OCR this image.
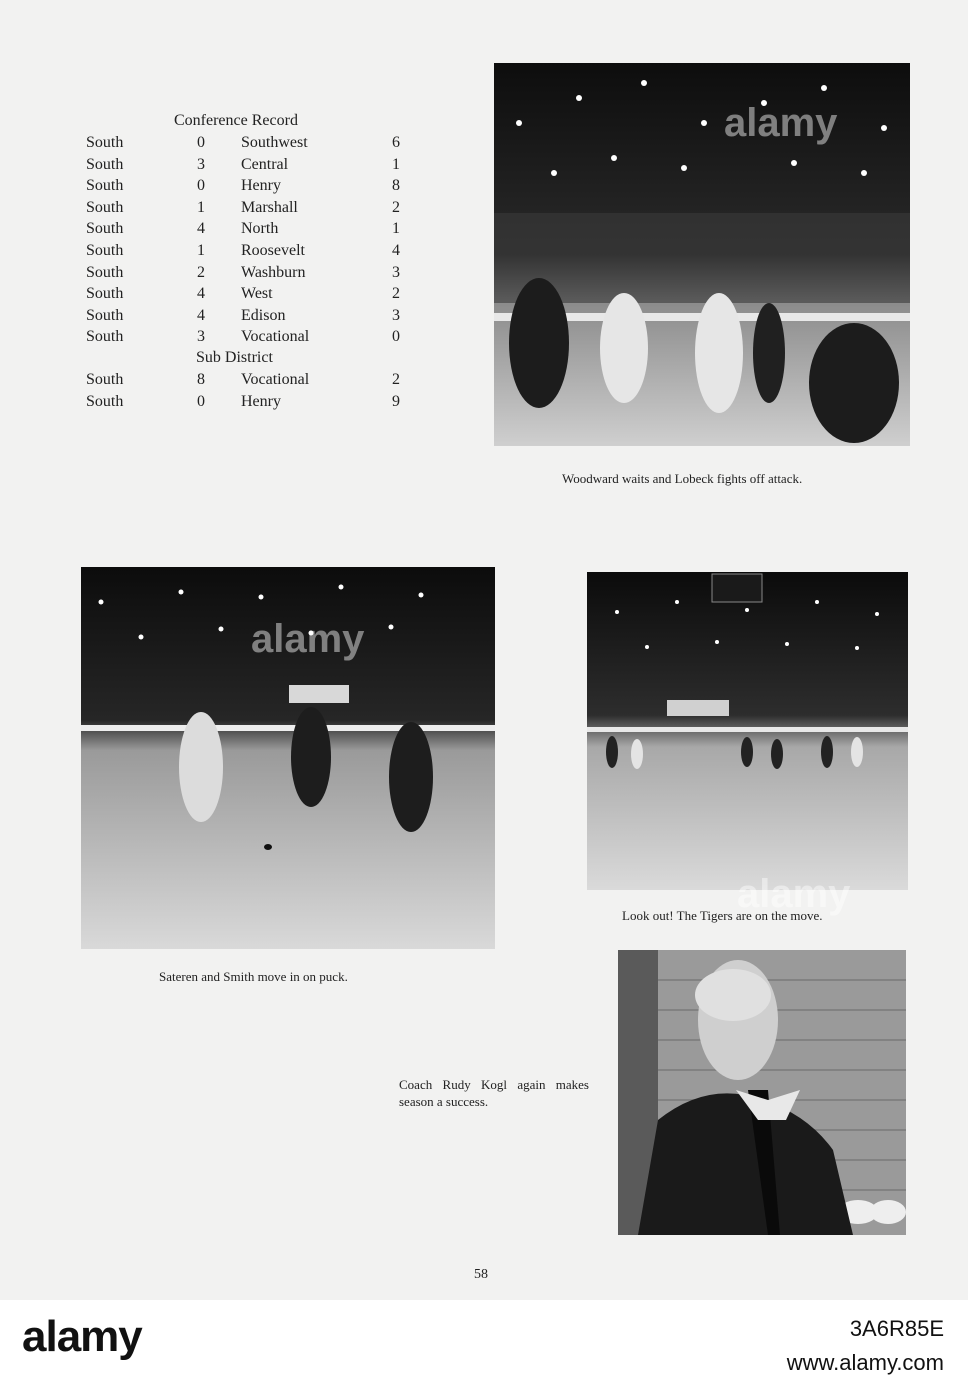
Conference Record
South	0 Southwest	6
South	3 Central	1
South	0 Henry	8
South	1 Marshall	2
South	4 North	1
South	1 Roosevelt	4
South	2 Washburn	3
South	4 West	2
South	4 Edison	3
South	3 Vocational	0
Sub District
South	8 Vocational	2
South	0 Henry	9
alamy
Woodward waits and Lobeck fights off attack.
alamy
Sateren and Smith move in on puck.
alamy
Look out! The Tigers are on the move.
Coach Rudy Kogl again makes season a success.
58
alamy	3A6R85E
www.alamy.com
